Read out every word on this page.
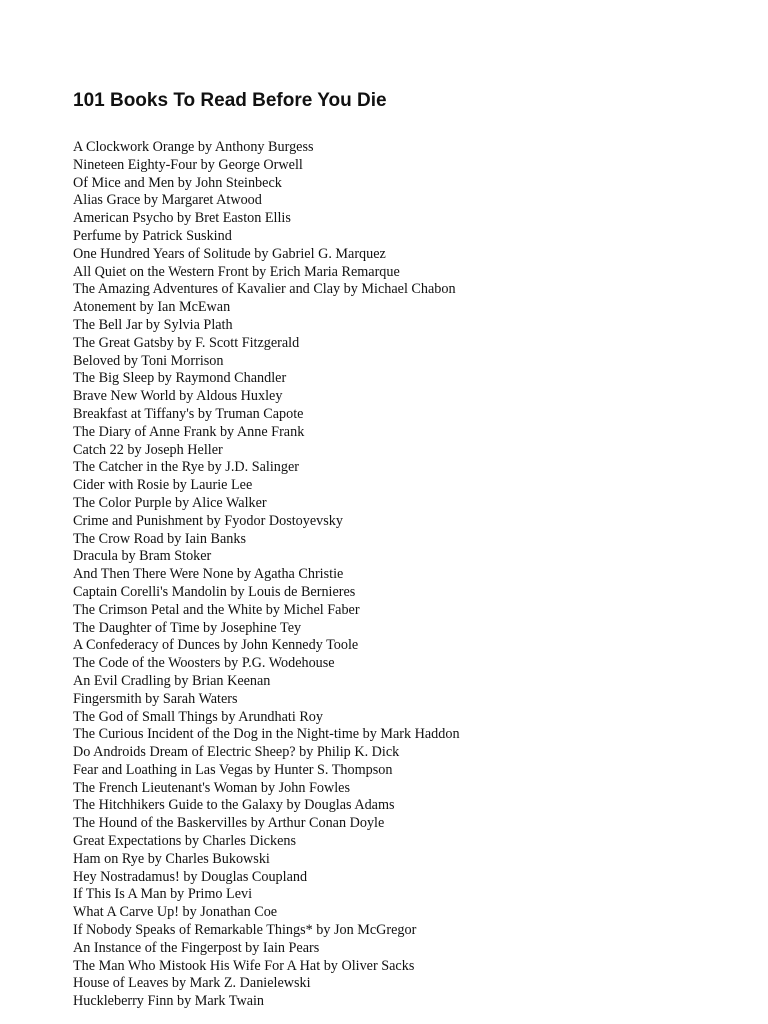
101 Books To Read Before You Die
A Clockwork Orange by Anthony Burgess
Nineteen Eighty-Four by George Orwell
Of Mice and Men by John Steinbeck
Alias Grace by Margaret Atwood
American Psycho by Bret Easton Ellis
Perfume by Patrick Suskind
One Hundred Years of Solitude by Gabriel G. Marquez
All Quiet on the Western Front by Erich Maria Remarque
The Amazing Adventures of Kavalier and Clay by Michael Chabon
Atonement by Ian McEwan
The Bell Jar by Sylvia Plath
The Great Gatsby by F. Scott Fitzgerald
Beloved by Toni Morrison
The Big Sleep by Raymond Chandler
Brave New World by Aldous Huxley
Breakfast at Tiffany's by Truman Capote
The Diary of Anne Frank by Anne Frank
Catch 22 by Joseph Heller
The Catcher in the Rye by J.D. Salinger
Cider with Rosie by Laurie Lee
The Color Purple by Alice Walker
Crime and Punishment by Fyodor Dostoyevsky
The Crow Road by Iain Banks
Dracula by Bram Stoker
And Then There Were None by Agatha Christie
Captain Corelli's Mandolin by Louis de Bernieres
The Crimson Petal and the White by Michel Faber
The Daughter of Time by Josephine Tey
A Confederacy of Dunces by John Kennedy Toole
The Code of the Woosters by P.G. Wodehouse
An Evil Cradling by Brian Keenan
Fingersmith by Sarah Waters
The God of Small Things by Arundhati Roy
The Curious Incident of the Dog in the Night-time by Mark Haddon
Do Androids Dream of Electric Sheep? by Philip K. Dick
Fear and Loathing in Las Vegas by Hunter S. Thompson
The French Lieutenant's Woman by John Fowles
The Hitchhikers Guide to the Galaxy by Douglas Adams
The Hound of the Baskervilles by Arthur Conan Doyle
Great Expectations by Charles Dickens
Ham on Rye by Charles Bukowski
Hey Nostradamus! by Douglas Coupland
If This Is A Man by Primo Levi
What A Carve Up! by Jonathan Coe
If Nobody Speaks of Remarkable Things* by Jon McGregor
An Instance of the Fingerpost by Iain Pears
The Man Who Mistook His Wife For A Hat by Oliver Sacks
House of Leaves by Mark Z. Danielewski
Huckleberry Finn by Mark Twain
